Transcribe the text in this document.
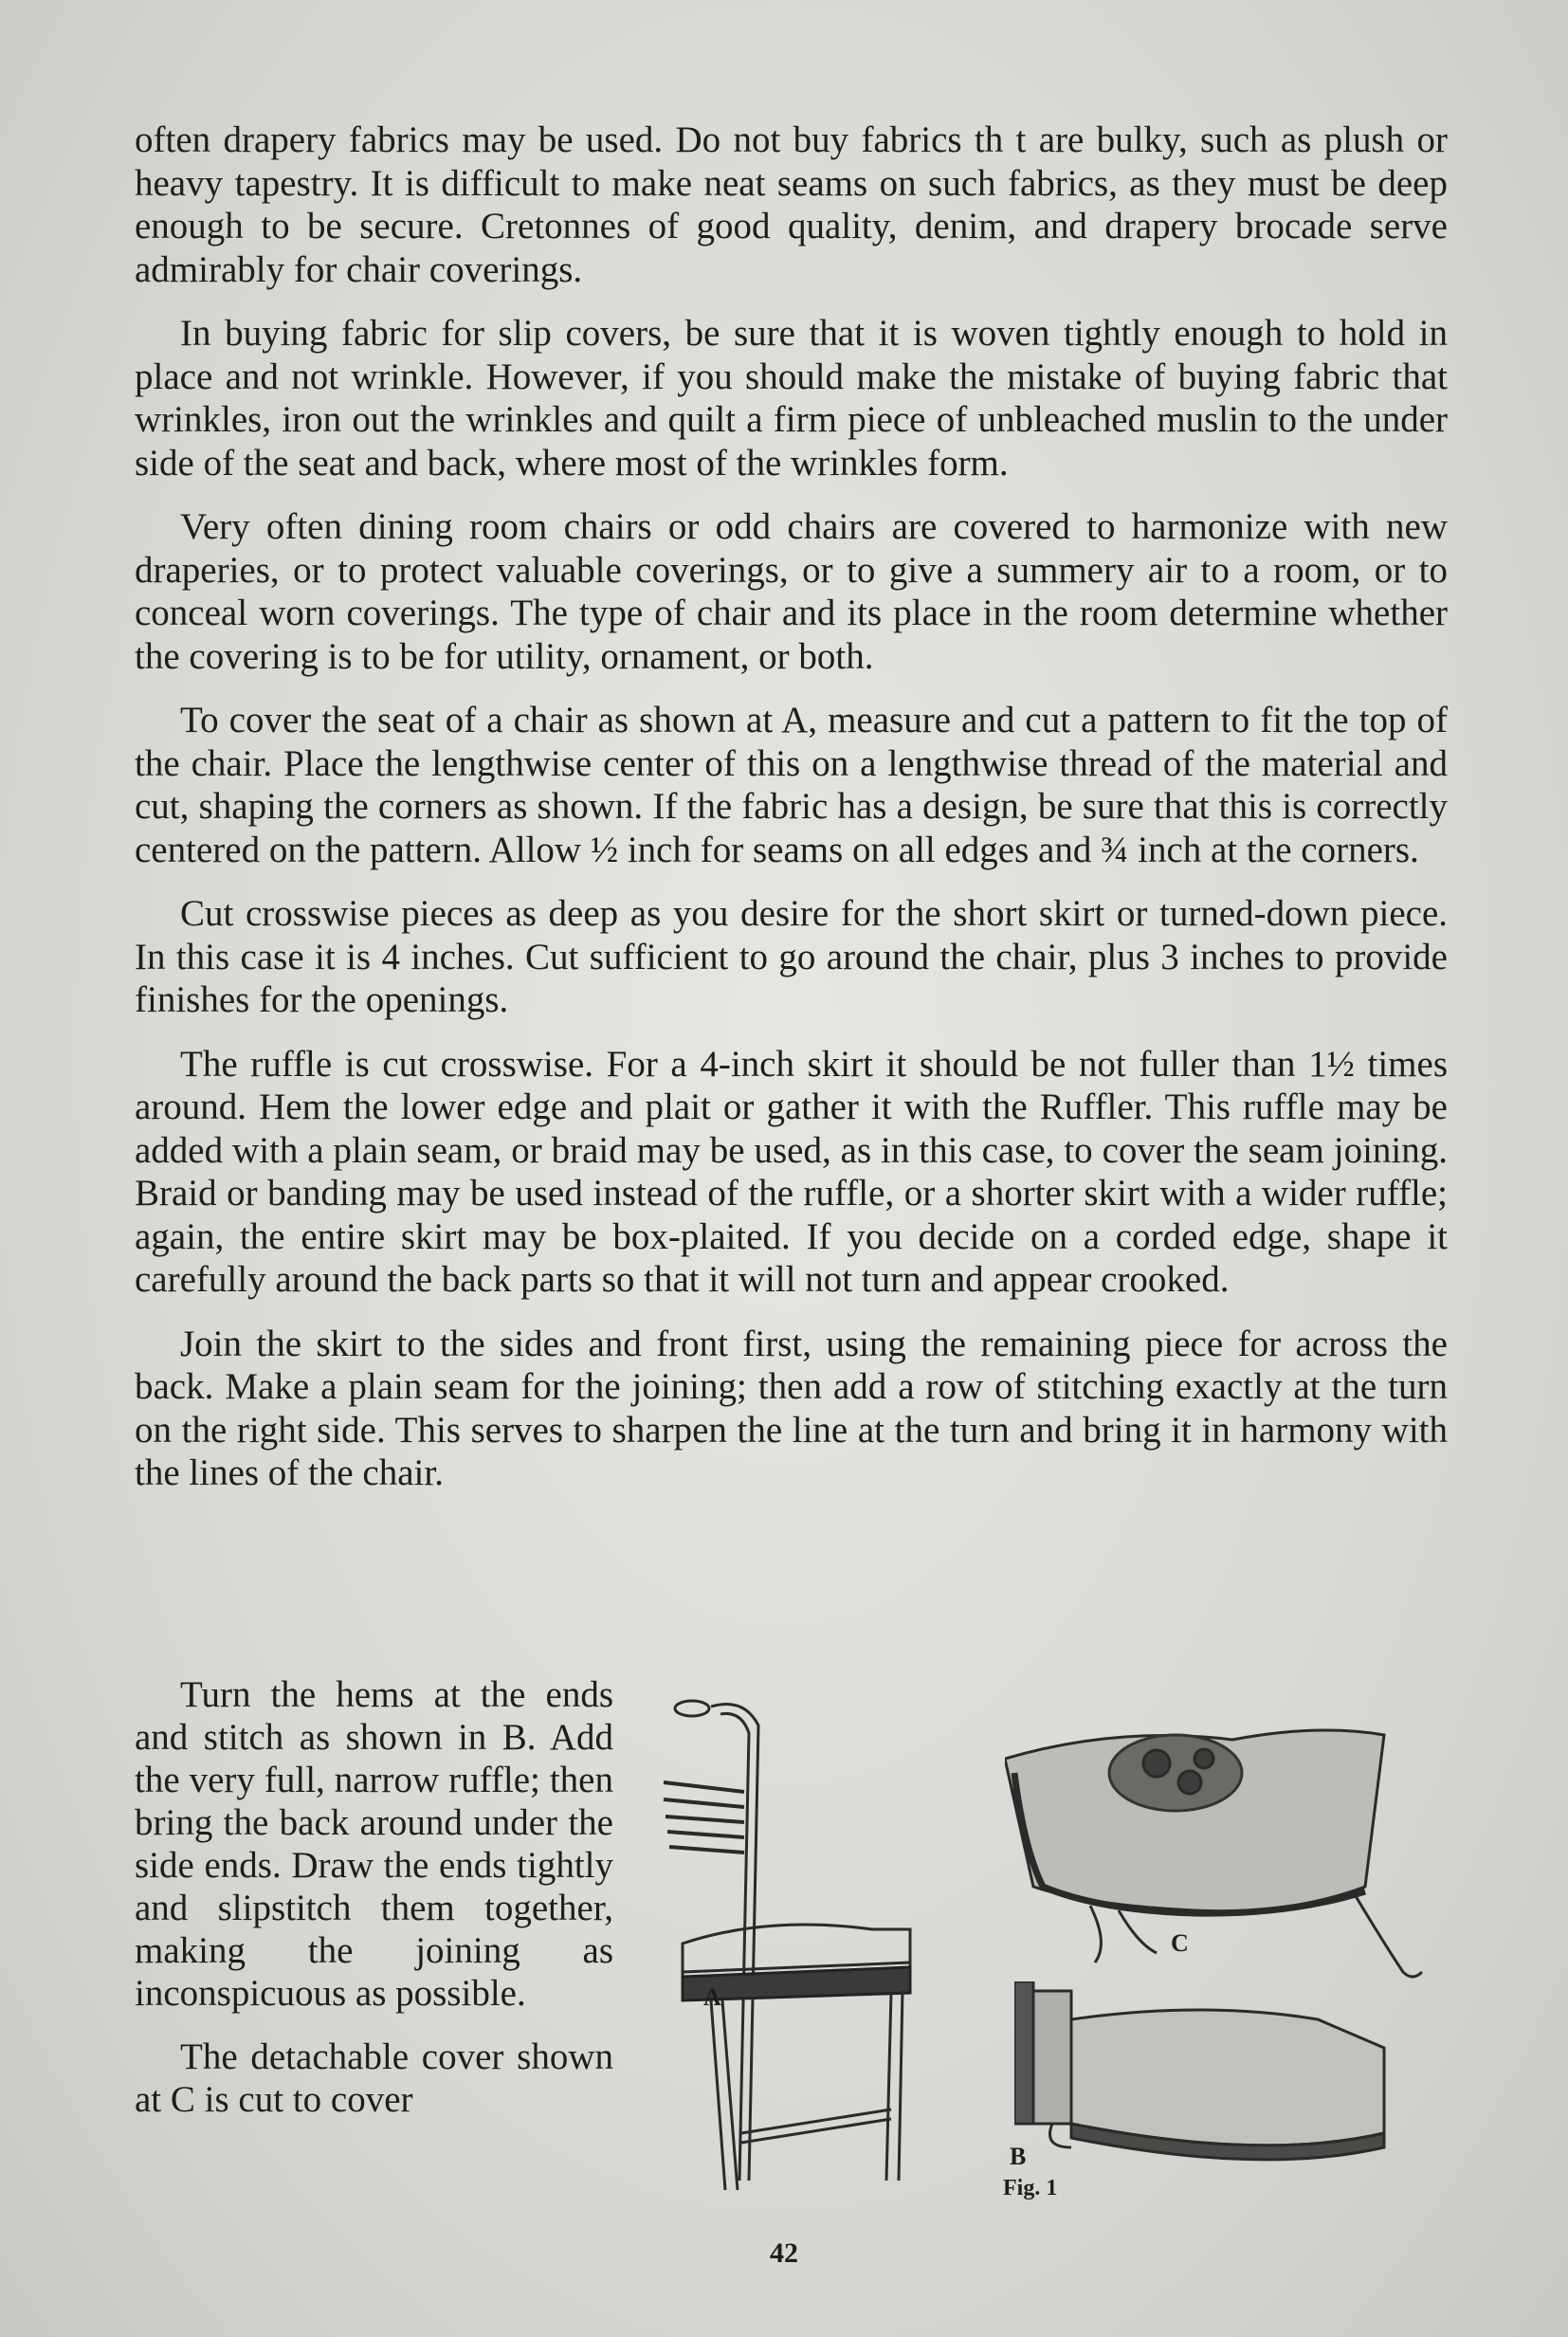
often drapery fabrics may be used. Do not buy fabrics th t are bulky, such as plush or heavy tapestry. It is difficult to make neat seams on such fabrics, as they must be deep enough to be secure. Cretonnes of good quality, denim, and drapery brocade serve admirably for chair coverings.

In buying fabric for slip covers, be sure that it is woven tightly enough to hold in place and not wrinkle. However, if you should make the mistake of buying fabric that wrinkles, iron out the wrinkles and quilt a firm piece of unbleached muslin to the under side of the seat and back, where most of the wrinkles form.

Very often dining room chairs or odd chairs are covered to harmonize with new draperies, or to protect valuable coverings, or to give a summery air to a room, or to conceal worn coverings. The type of chair and its place in the room determine whether the covering is to be for utility, ornament, or both.

To cover the seat of a chair as shown at A, measure and cut a pattern to fit the top of the chair. Place the lengthwise center of this on a lengthwise thread of the material and cut, shaping the corners as shown. If the fabric has a design, be sure that this is correctly centered on the pattern. Allow ½ inch for seams on all edges and ¾ inch at the corners.

Cut crosswise pieces as deep as you desire for the short skirt or turned-down piece. In this case it is 4 inches. Cut sufficient to go around the chair, plus 3 inches to provide finishes for the openings.

The ruffle is cut crosswise. For a 4-inch skirt it should be not fuller than 1½ times around. Hem the lower edge and plait or gather it with the Ruffler. This ruffle may be added with a plain seam, or braid may be used, as in this case, to cover the seam joining. Braid or banding may be used instead of the ruffle, or a shorter skirt with a wider ruffle; again, the entire skirt may be box-plaited. If you decide on a corded edge, shape it carefully around the back parts so that it will not turn and appear crooked.

Join the skirt to the sides and front first, using the remaining piece for across the back. Make a plain seam for the joining; then add a row of stitching exactly at the turn on the right side. This serves to sharpen the line at the turn and bring it in harmony with the lines of the chair.

Turn the hems at the ends and stitch as shown in B. Add the very full, narrow ruffle; then bring the back around under the side ends. Draw the ends tightly and slipstitch them together, making the joining as inconspicuous as possible.

The detachable cover shown at C is cut to cover

A
C
B
Fig. 1
42
